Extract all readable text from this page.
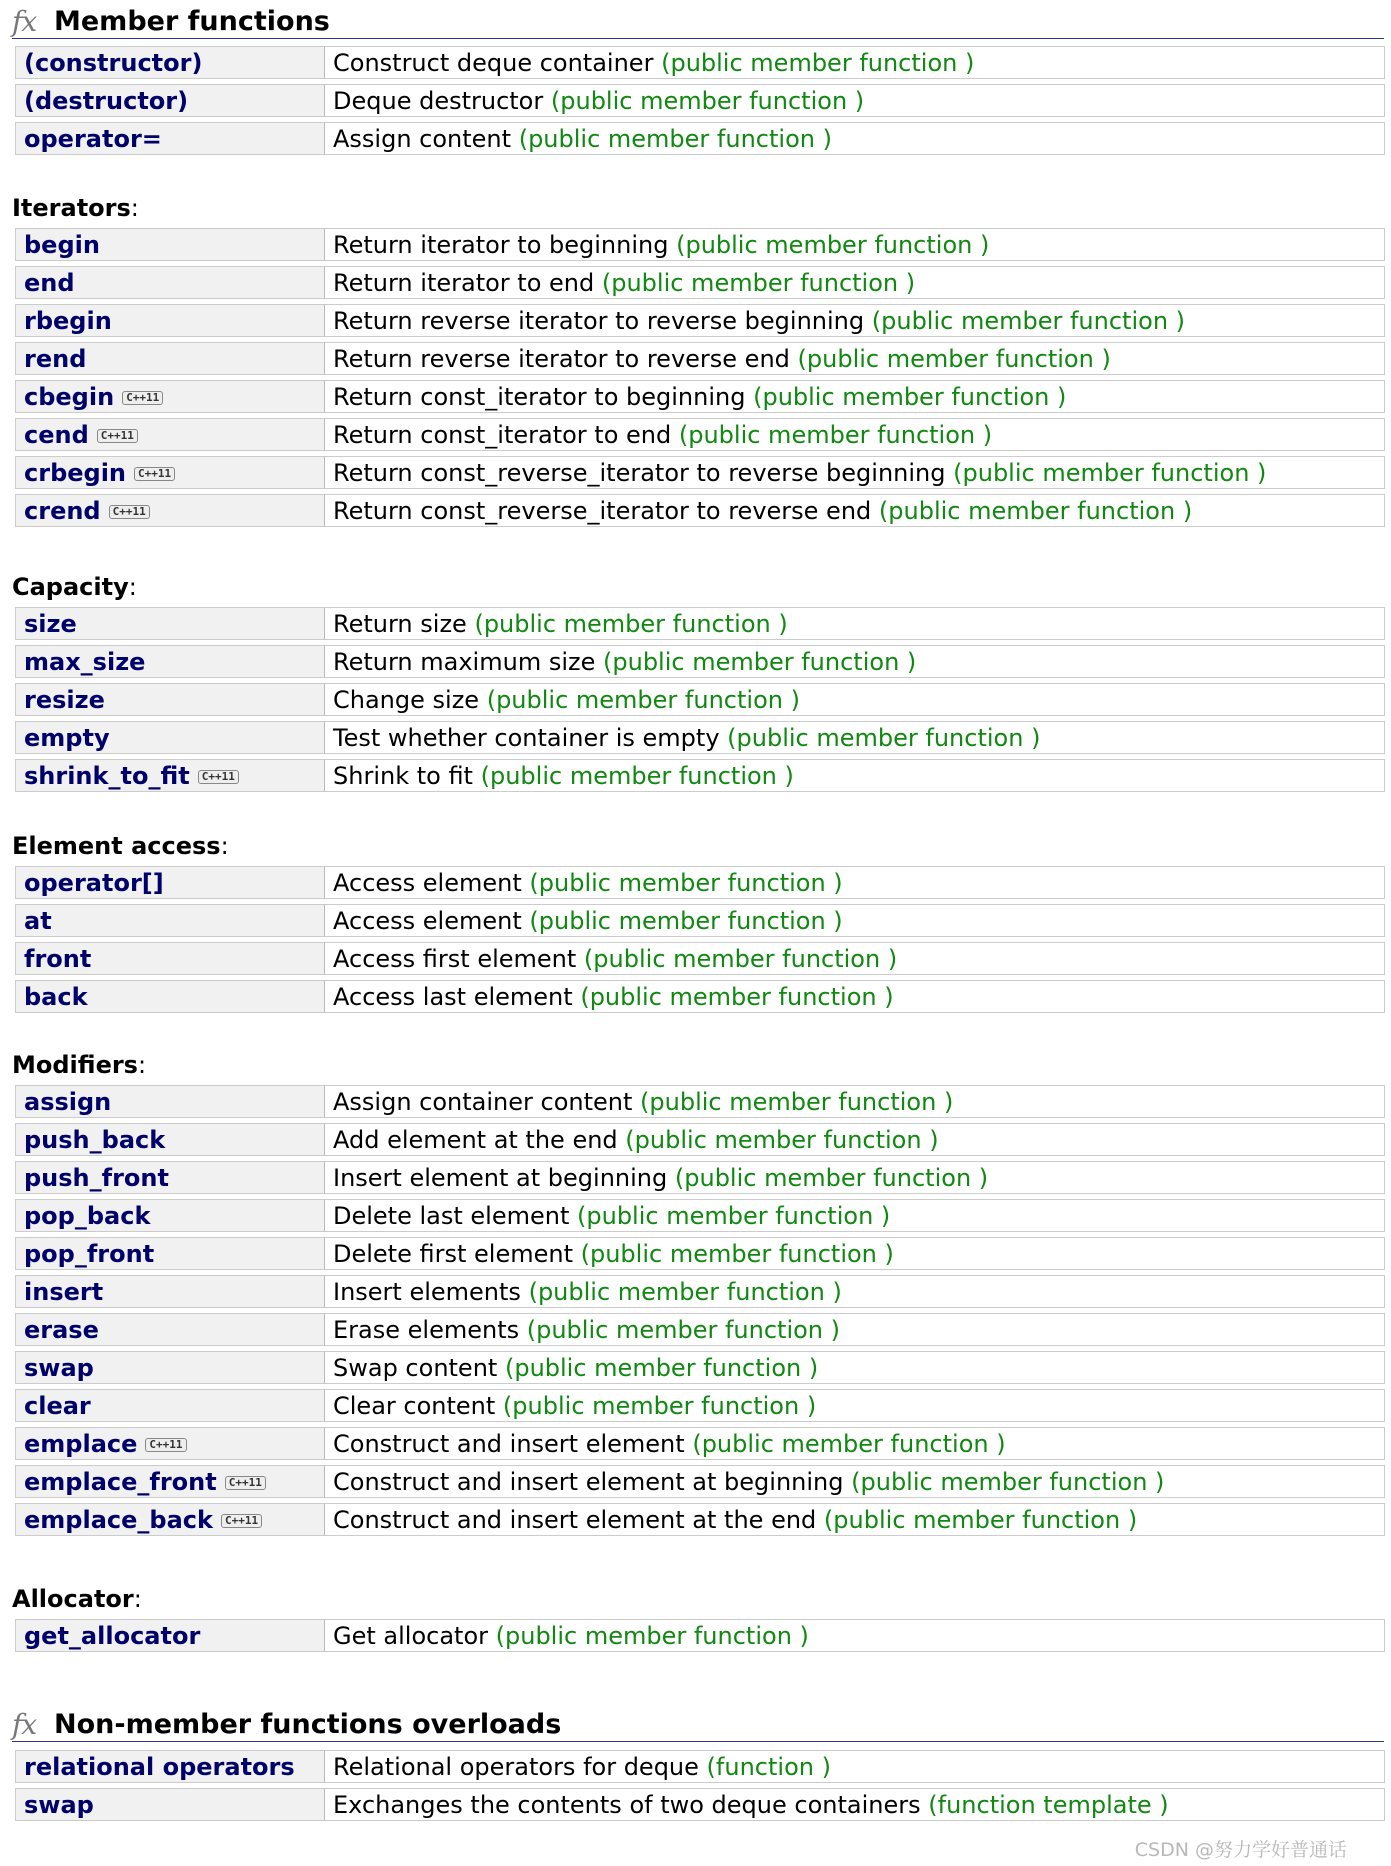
fx Member functions
(constructor)	Construct deque container (public member function )
(destructor)	Deque destructor (public member function )
operator=	Assign content (public member function )
Iterators:
begin	Return iterator to beginning (public member function )
end	Return iterator to end (public member function )
rbegin	Return reverse iterator to reverse beginning (public member function )
rend	Return reverse iterator to reverse end (public member function )
cbegin C++11	Return const_iterator to beginning (public member function )
cend C++11	Return const_iterator to end (public member function )
crbegin C++11	Return const_reverse_iterator to reverse beginning (public member function )
crend C++11	Return const_reverse_iterator to reverse end (public member function )
Capacity:
size	Return size (public member function )
max_size	Return maximum size (public member function )
resize	Change size (public member function )
empty	Test whether container is empty (public member function )
shrink_to_fit C++11	Shrink to fit (public member function )
Element access:
operator[]	Access element (public member function )
at	Access element (public member function )
front	Access first element (public member function )
back	Access last element (public member function )
Modifiers:
assign	Assign container content (public member function )
push_back	Add element at the end (public member function )
push_front	Insert element at beginning (public member function )
pop_back	Delete last element (public member function )
pop_front	Delete first element (public member function )
insert	Insert elements (public member function )
erase	Erase elements (public member function )
swap	Swap content (public member function )
clear	Clear content (public member function )
emplace C++11	Construct and insert element (public member function )
emplace_front C++11	Construct and insert element at beginning (public member function )
emplace_back C++11	Construct and insert element at the end (public member function )
Allocator:
get_allocator	Get allocator (public member function )
fx Non-member functions overloads
relational operators	Relational operators for deque (function )
swap	Exchanges the contents of two deque containers (function template )
CSDN @努力学好普通话
